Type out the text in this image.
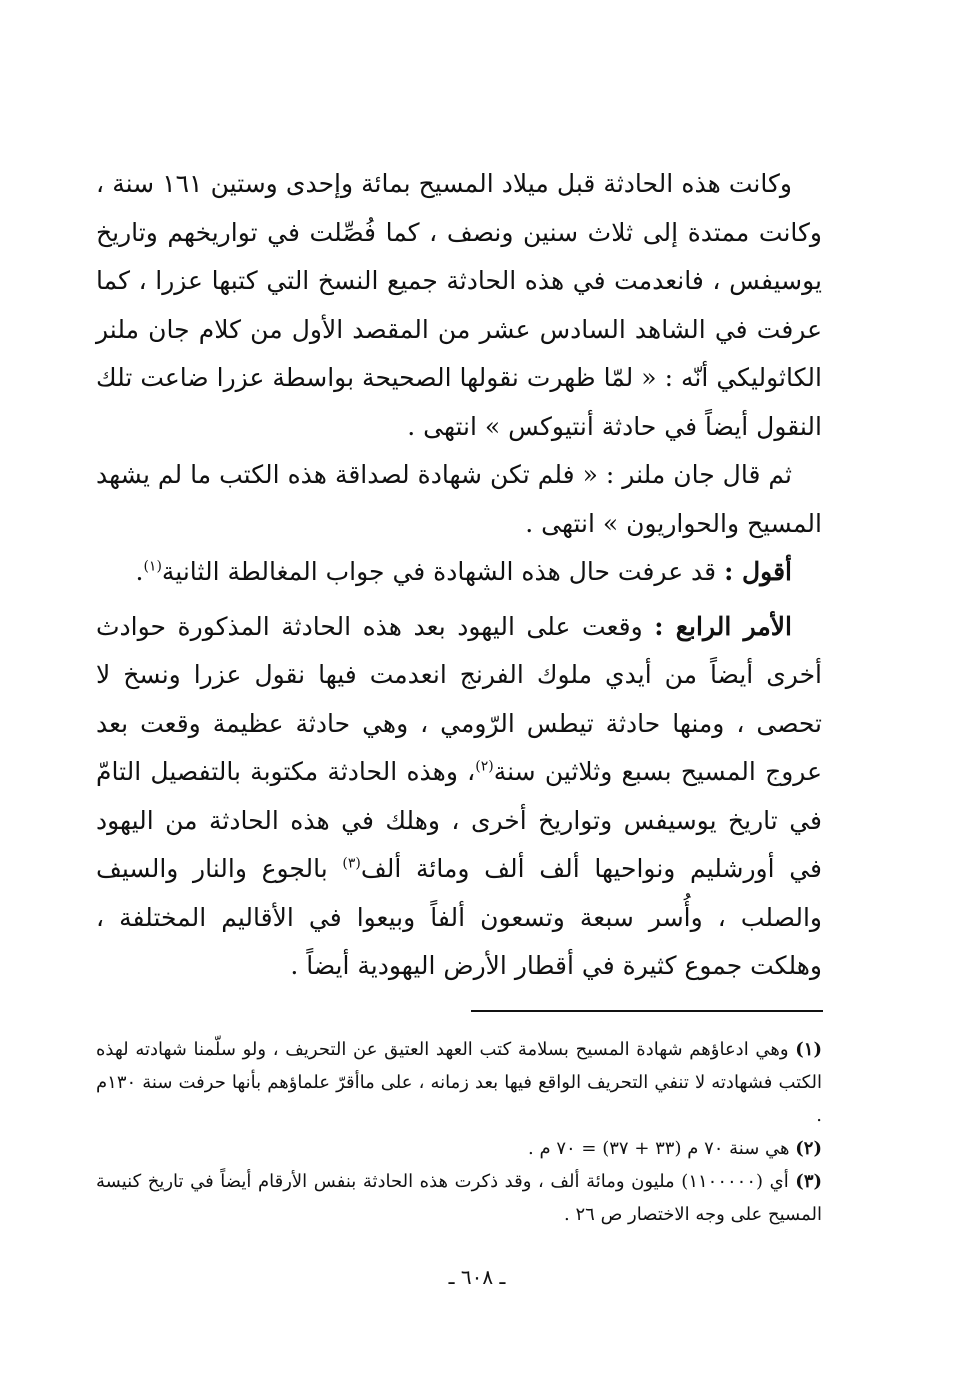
وكانت هذه الحادثة قبل ميلاد المسيح بمائة وإحدى وستين ١٦١ سنة ، وكانت ممتدة إلى ثلاث سنين ونصف ، كما فُصِّلت في تواريخهم وتاريخ يوسيفس ، فانعدمت في هذه الحادثة جميع النسخ التي كتبها عزرا ، كما عرفت في الشاهد السادس عشر من المقصد الأول من كلام جان ملنر الكاثوليكي أنّه : « لمّا ظهرت نقولها الصحيحة بواسطة عزرا ضاعت تلك النقول أيضاً في حادثة أنتيوكس » انتهى .

ثم قال جان ملنر : « فلم تكن شهادة لصداقة هذه الكتب ما لم يشهد المسيح والحواريون » انتهى .

أقول : قد عرفت حال هذه الشهادة في جواب المغالطة الثانية$^{(١)}$.

الأمر الرابع : وقعت على اليهود بعد هذه الحادثة المذكورة حوادث أخرى أيضاً من أيدي ملوك الفرنج انعدمت فيها نقول عزرا ونسخ لا تحصى ، ومنها حادثة تيطس الرّومي ، وهي حادثة عظيمة وقعت بعد عروج المسيح بسبع وثلاثين سنة$^{(٢)}$، وهذه الحادثة مكتوبة بالتفصيل التامّ في تاريخ يوسيفس وتواريخ أخرى ، وهلك في هذه الحادثة من اليهود في أورشليم ونواحيها ألف ألف ومائة ألف$^{(٣)}$ بالجوع والنار والسيف والصلب ، وأُسر سبعة وتسعون ألفاً وبيعوا في الأقاليم المختلفة ، وهلكت جموع كثيرة في أقطار الأرض اليهودية أيضاً .

(١) وهي ادعاؤهم شهادة المسيح بسلامة كتب العهد العتيق عن التحريف ، ولو سلّمنا شهادته لهذه الكتب فشهادته لا تنفي التحريف الواقع فيها بعد زمانه ، على ماأقرّ علماؤهم بأنها حرفت سنة ١٣٠م .

(٢) هي سنة ٧٠ م (٣٣ + ٣٧) = ٧٠ م .

(٣) أي (١١٠٠٠٠٠) مليون ومائة ألف ، وقد ذكرت هذه الحادثة بنفس الأرقام أيضاً في تاريخ كنيسة المسيح على وجه الاختصار ص ٢٦ .

ـ ٦٠٨ ـ
